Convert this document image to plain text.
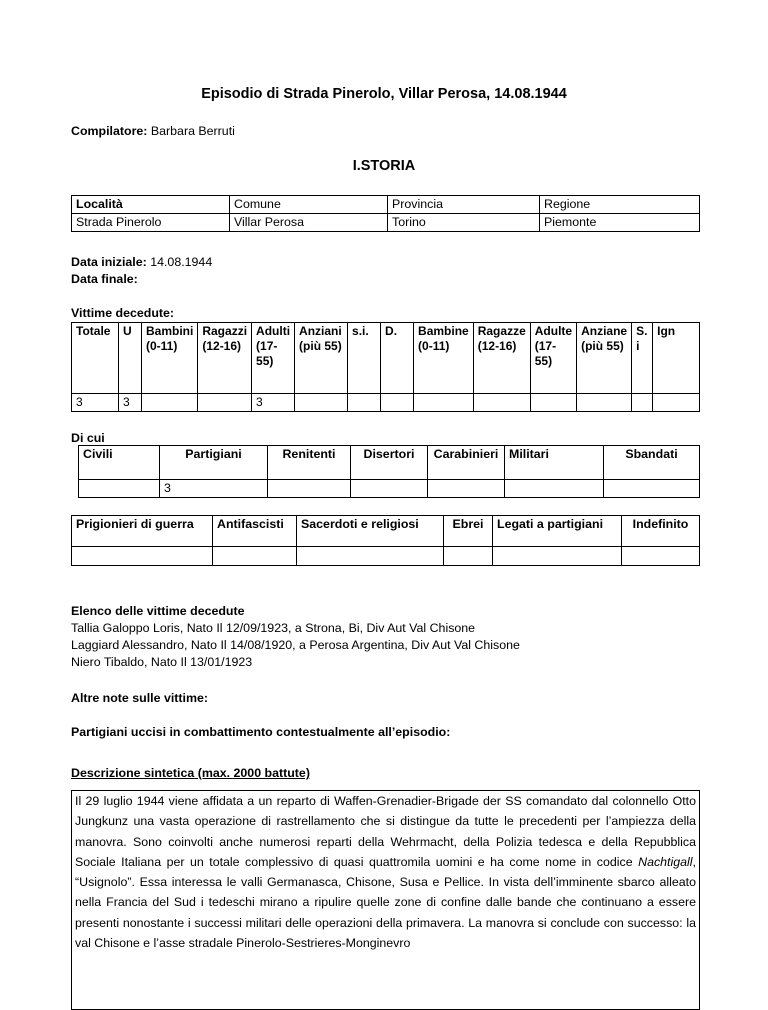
Episodio di Strada Pinerolo, Villar Perosa, 14.08.1944
Compilatore: Barbara Berruti
I.STORIA
Località	Comune	Provincia	Regione
Strada Pinerolo	Villar Perosa	Torino	Piemonte
Data iniziale: 14.08.1944
Data finale:
Vittime decedute:
Totale	U	Bambini (0-11)	Ragazzi (12-16)	Adulti (17-55)	Anziani (più 55)	s.i.	D.	Bambine (0-11)	Ragazze (12-16)	Adulte (17-55)	Anziane (più 55)	S. i	Ign
3	3			3									
Di cui
Civili	Partigiani	Renitenti	Disertori	Carabinieri	Militari	Sbandati
	3					
Prigionieri di guerra	Antifascisti	Sacerdoti e religiosi	Ebrei	Legati a partigiani	Indefinito

Elenco delle vittime decedute
Tallia Galoppo Loris, Nato Il 12/09/1923, a Strona, Bi, Div Aut Val Chisone
Laggiard Alessandro, Nato Il 14/08/1920, a Perosa Argentina, Div Aut Val Chisone
Niero Tibaldo, Nato Il 13/01/1923
Altre note sulle vittime:
Partigiani uccisi in combattimento contestualmente all’episodio:
Descrizione sintetica (max. 2000 battute)
Il 29 luglio 1944 viene affidata a un reparto di Waffen-Grenadier-Brigade der SS comandato dal colonnello Otto Jungkunz una vasta operazione di rastrellamento che si distingue da tutte le precedenti per l’ampiezza della manovra. Sono coinvolti anche numerosi reparti della Wehrmacht, della Polizia tedesca e della Repubblica Sociale Italiana per un totale complessivo di quasi quattromila uomini e ha come nome in codice Nachtigall, “Usignolo”. Essa interessa le valli Germanasca, Chisone, Susa e Pellice. In vista dell’imminente sbarco alleato nella Francia del Sud i tedeschi mirano a ripulire quelle zone di confine dalle bande che continuano a essere presenti nonostante i successi militari delle operazioni della primavera. La manovra si conclude con successo: la val Chisone e l’asse stradale Pinerolo-Sestrieres-Monginevro
